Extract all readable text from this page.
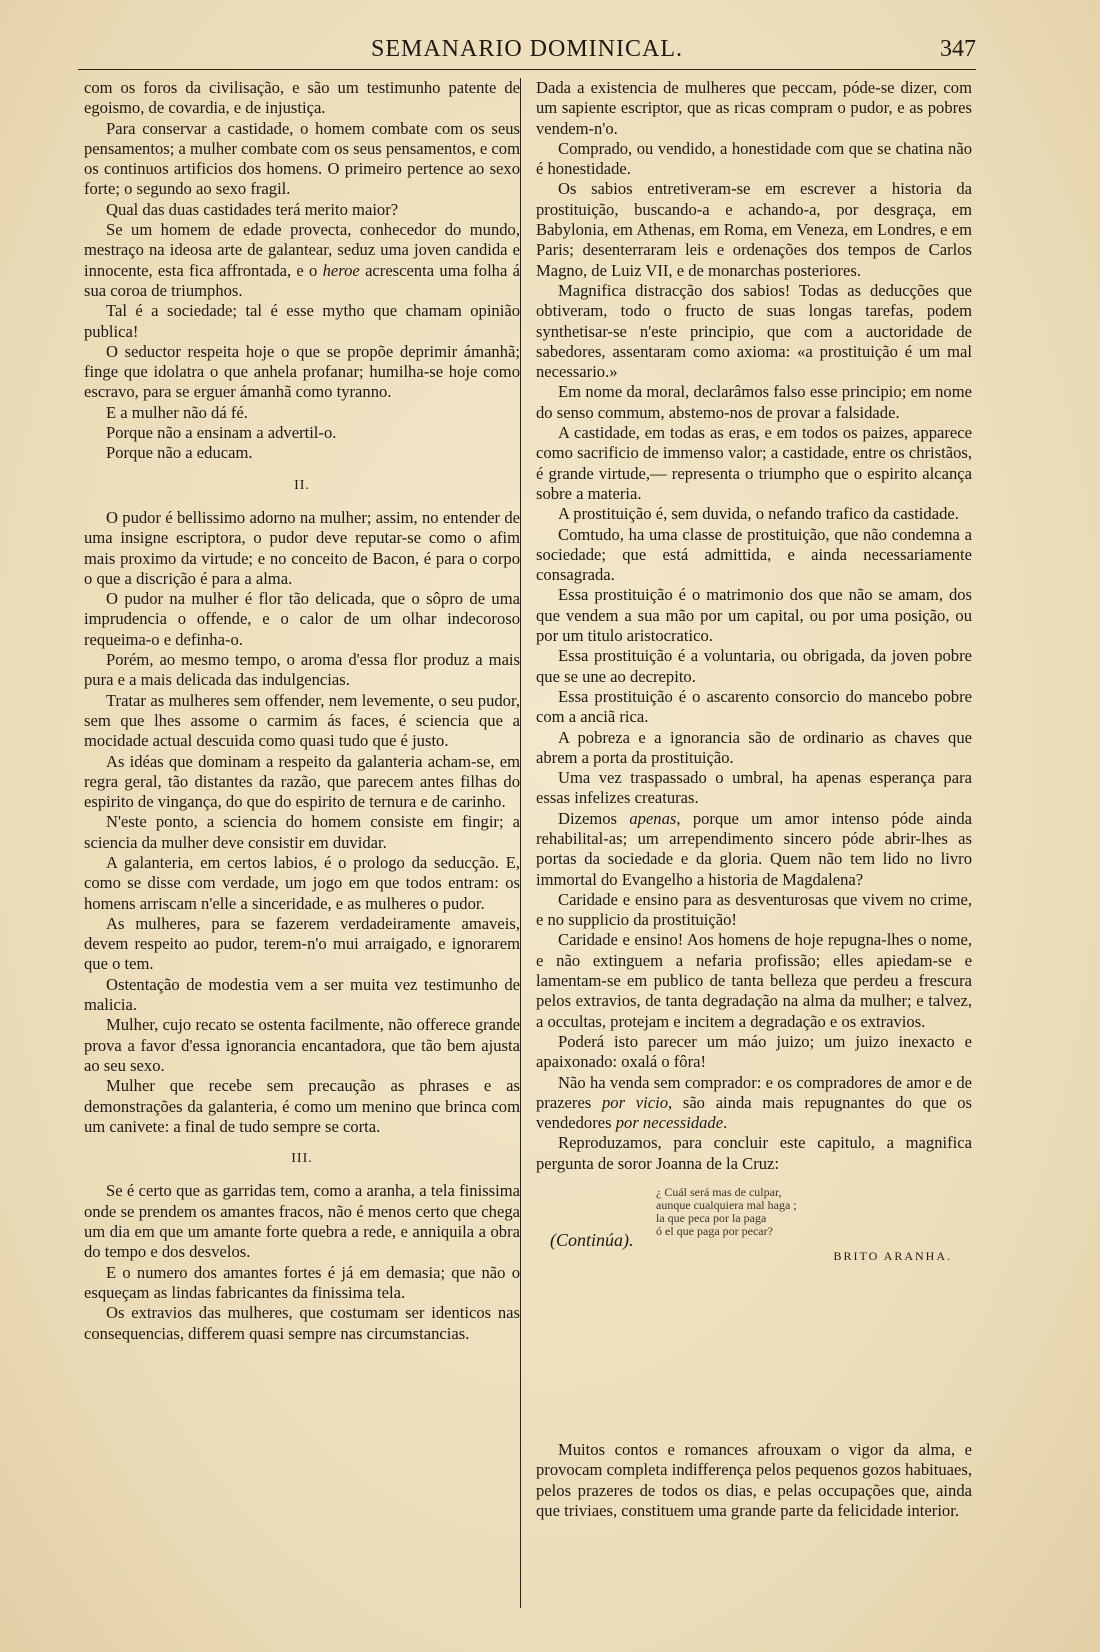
SEMANARIO DOMINICAL.	347

com os foros da civilisação, e são um testimunho patente de egoismo, de covardia, e de injustiça.

Para conservar a castidade, o homem combate com os seus pensamentos; a mulher combate com os seus pensamentos, e com os continuos artificios dos homens. O primeiro pertence ao sexo forte; o segundo ao sexo fragil.

Qual das duas castidades terá merito maior?

Se um homem de edade provecta, conhecedor do mundo, mestraço na ideosa arte de galantear, seduz uma joven candida e innocente, esta fica affrontada, e o heroe acrescenta uma folha á sua coroa de triumphos.

Tal é a sociedade; tal é esse mytho que chamam opinião publica!

O seductor respeita hoje o que se propõe deprimir ámanhã; finge que idolatra o que anhela profanar; humilha-se hoje como escravo, para se erguer ámanhã como tyranno.

E a mulher não dá fé.

Porque não a ensinam a advertil-o.

Porque não a educam.

II.

O pudor é bellissimo adorno na mulher; assim, no entender de uma insigne escriptora, o pudor deve reputar-se como o afim mais proximo da virtude; e no conceito de Bacon, é para o corpo o que a discrição é para a alma.

O pudor na mulher é flor tão delicada, que o sôpro de uma imprudencia o offende, e o calor de um olhar indecoroso requeima-o e definha-o.

Porém, ao mesmo tempo, o aroma d'essa flor produz a mais pura e a mais delicada das indulgencias.

Tratar as mulheres sem offender, nem levemente, o seu pudor, sem que lhes assome o carmim ás faces, é sciencia que a mocidade actual descuida como quasi tudo que é justo.

As idéas que dominam a respeito da galanteria acham-se, em regra geral, tão distantes da razão, que parecem antes filhas do espirito de vingança, do que do espirito de ternura e de carinho.

N'este ponto, a sciencia do homem consiste em fingir; a sciencia da mulher deve consistir em duvidar.

A galanteria, em certos labios, é o prologo da seducção. E, como se disse com verdade, um jogo em que todos entram: os homens arriscam n'elle a sinceridade, e as mulheres o pudor.

As mulheres, para se fazerem verdadeiramente amaveis, devem respeito ao pudor, terem-n'o mui arraigado, e ignorarem que o tem.

Ostentação de modestia vem a ser muita vez testimunho de malicia.

Mulher, cujo recato se ostenta facilmente, não offerece grande prova a favor d'essa ignorancia encantadora, que tão bem ajusta ao seu sexo.

Mulher que recebe sem precaução as phrases e as demonstrações da galanteria, é como um menino que brinca com um canivete: a final de tudo sempre se corta.

III.

Se é certo que as garridas tem, como a aranha, a tela finissima onde se prendem os amantes fracos, não é menos certo que chega um dia em que um amante forte quebra a rede, e anniquila a obra do tempo e dos desvelos.

E o numero dos amantes fortes é já em demasia; que não o esqueçam as lindas fabricantes da finissima tela.

Os extravios das mulheres, que costumam ser identicos nas consequencias, differem quasi sempre nas circumstancias.

Dada a existencia de mulheres que peccam, póde-se dizer, com um sapiente escriptor, que as ricas compram o pudor, e as pobres vendem-n'o.

Comprado, ou vendido, a honestidade com que se chatina não é honestidade.

Os sabios entretiveram-se em escrever a historia da prostituição, buscando-a e achando-a, por desgraça, em Babylonia, em Athenas, em Roma, em Veneza, em Londres, e em Paris; desenterraram leis e ordenações dos tempos de Carlos Magno, de Luiz VII, e de monarchas posteriores.

Magnifica distracção dos sabios! Todas as deducções que obtiveram, todo o fructo de suas longas tarefas, podem synthetisar-se n'este principio, que com a auctoridade de sabedores, assentaram como axioma: «a prostituição é um mal necessario.»

Em nome da moral, declarâmos falso esse principio; em nome do senso commum, abstemo-nos de provar a falsidade.

A castidade, em todas as eras, e em todos os paizes, apparece como sacrificio de immenso valor; a castidade, entre os christãos, é grande virtude,— representa o triumpho que o espirito alcança sobre a materia.

A prostituição é, sem duvida, o nefando trafico da castidade.

Comtudo, ha uma classe de prostituição, que não condemna a sociedade; que está admittida, e ainda necessariamente consagrada.

Essa prostituição é o matrimonio dos que não se amam, dos que vendem a sua mão por um capital, ou por uma posição, ou por um titulo aristocratico.

Essa prostituição é a voluntaria, ou obrigada, da joven pobre que se une ao decrepito.

Essa prostituição é o ascarento consorcio do mancebo pobre com a anciã rica.

A pobreza e a ignorancia são de ordinario as chaves que abrem a porta da prostituição.

Uma vez traspassado o umbral, ha apenas esperança para essas infelizes creaturas.

Dizemos apenas, porque um amor intenso póde ainda rehabilital-as; um arrependimento sincero póde abrir-lhes as portas da sociedade e da gloria. Quem não tem lido no livro immortal do Evangelho a historia de Magdalena?

Caridade e ensino para as desventurosas que vivem no crime, e no supplicio da prostituição!

Caridade e ensino! Aos homens de hoje repugna-lhes o nome, e não extinguem a nefaria profissão; elles apiedam-se e lamentam-se em publico de tanta belleza que perdeu a frescura pelos extravios, de tanta degradação na alma da mulher; e talvez, a occultas, protejam e incitem a degradação e os extravios.

Poderá isto parecer um máo juizo; um juizo inexacto e apaixonado: oxalá o fôra!

Não ha venda sem comprador: e os compradores de amor e de prazeres por vicio, são ainda mais repugnantes do que os vendedores por necessidade.

Reproduzamos, para concluir este capitulo, a magnifica pergunta de soror Joanna de la Cruz:

¿ Cuál será mas de culpar,
aunque cualquiera mal haga ;
la que peca por la paga
ó el que paga por pecar?
(Continúa).
BRITO ARANHA.

Muitos contos e romances afrouxam o vigor da alma, e provocam completa indifferença pelos pequenos gozos habituaes, pelos prazeres de todos os dias, e pelas occupações que, ainda que triviaes, constituem uma grande parte da felicidade interior.
